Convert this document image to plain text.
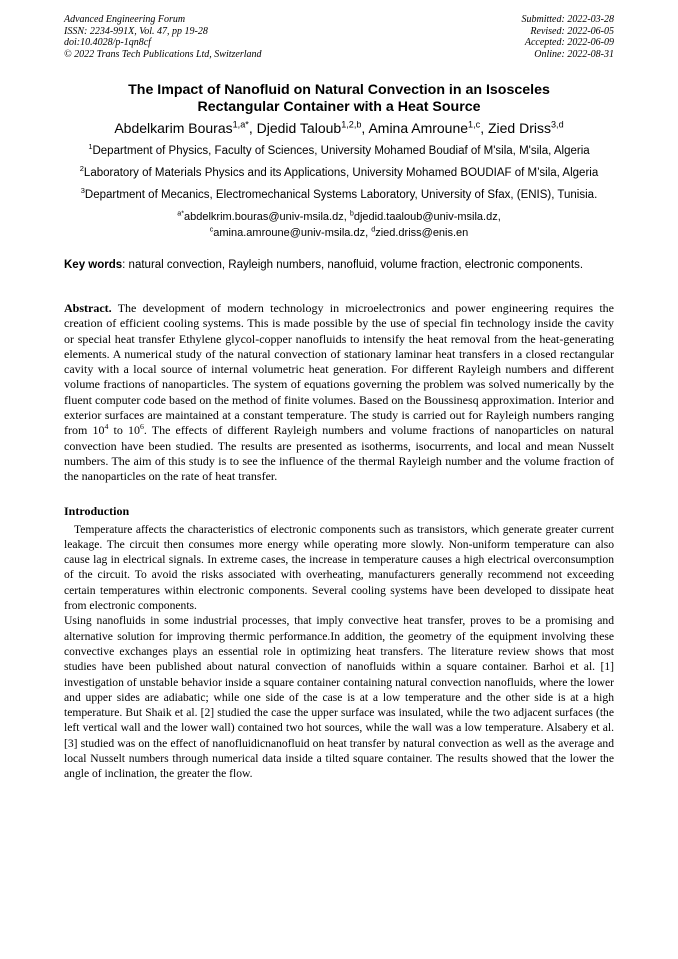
Advanced Engineering Forum
ISSN: 2234-991X, Vol. 47, pp 19-28
doi:10.4028/p-1qn8cf
© 2022 Trans Tech Publications Ltd, Switzerland
Submitted: 2022-03-28
Revised: 2022-06-05
Accepted: 2022-06-09
Online: 2022-08-31
The Impact of Nanofluid on Natural Convection in an Isosceles
Rectangular Container with a Heat Source
Abdelkarim Bouras$^{1,a*}$, Djedid Taloub$^{1,2,b}$, Amina Amroune$^{1,c}$, Zied Driss$^{3,d}$
$^1$Department of Physics, Faculty of Sciences, University Mohamed Boudiaf of M'sila, M'sila, Algeria
$^2$Laboratory of Materials Physics and its Applications, University Mohamed BOUDIAF of M’sila, Algeria
$^3$Department of Mecanics, Electromechanical Systems Laboratory, University of Sfax, (ENIS), Tunisia.
$^{a*}$abdelkrim.bouras@univ-msila.dz, $^b$djedid.taaloub@univ-msila.dz,
$^c$amina.amroune@univ-msila.dz, $^d$zied.driss@enis.en
Key words: natural convection, Rayleigh numbers, nanofluid, volume fraction, electronic components.
Abstract. The development of modern technology in microelectronics and power engineering requires the creation of efficient cooling systems. This is made possible by the use of special fin technology inside the cavity or special heat transfer Ethylene glycol-copper nanofluids to intensify the heat removal from the heat-generating elements. A numerical study of the natural convection of stationary laminar heat transfers in a closed rectangular cavity with a local source of internal volumetric heat generation. For different Rayleigh numbers and different volume fractions of nanoparticles. The system of equations governing the problem was solved numerically by the fluent computer code based on the method of finite volumes. Based on the Boussinesq approximation. Interior and exterior surfaces are maintained at a constant temperature. The study is carried out for Rayleigh numbers ranging from $10^4$ to $10^6$. The effects of different Rayleigh numbers and volume fractions of nanoparticles on natural convection have been studied. The results are presented as isotherms, isocurrents, and local and mean Nusselt numbers. The aim of this study is to see the influence of the thermal Rayleigh number and the volume fraction of the nanoparticles on the rate of heat transfer.
Introduction
Temperature affects the characteristics of electronic components such as transistors, which generate greater current leakage. The circuit then consumes more energy while operating more slowly. Non-uniform temperature can also cause lag in electrical signals. In extreme cases, the increase in temperature causes a high electrical overconsumption of the circuit. To avoid the risks associated with overheating, manufacturers generally recommend not exceeding certain temperatures within electronic components. Several cooling systems have been developed to dissipate heat from electronic components.
Using nanofluids in some industrial processes, that imply convective heat transfer, proves to be a promising and alternative solution for improving thermic performance.In addition, the geometry of the equipment involving these convective exchanges plays an essential role in optimizing heat transfers. The literature review shows that most studies have been published about natural convection of nanofluids within a square container. Barhoi et al. [1] investigation of unstable behavior inside a square container containing natural convection nanofluids, where the lower and upper sides are adiabatic; while one side of the case is at a low temperature and the other side is at a high temperature. But Shaik et al. [2] studied the case the upper surface was insulated, while the two adjacent surfaces (the left vertical wall and the lower wall) contained two hot sources, while the wall was a low temperature. Alsabery et al. [3] studied was on the effect of nanofluidicnanofluid on heat transfer by natural convection as well as the average and local Nusselt numbers through numerical data inside a tilted square container. The results showed that the lower the angle of inclination, the greater the flow.
